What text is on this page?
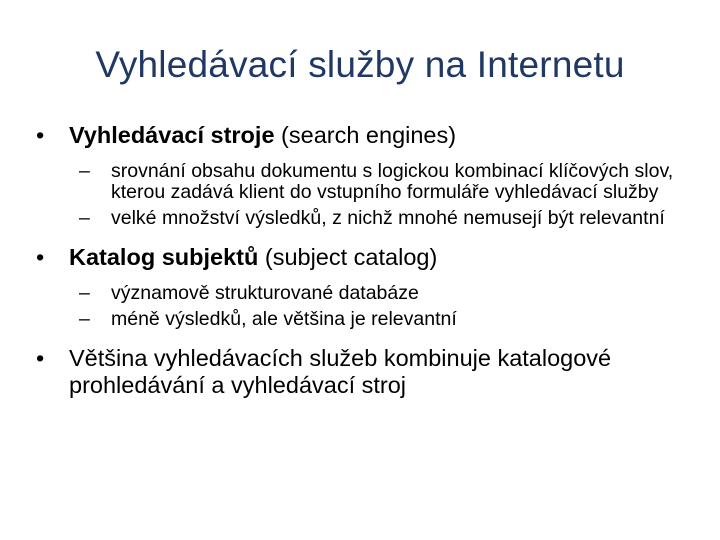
Vyhledávací služby na Internetu
•	Vyhledávací stroje (search engines)
– srovnání obsahu dokumentu s logickou kombinací klíčových slov, kterou zadává klient do vstupního formuláře vyhledávací služby
– velké množství výsledků, z nichž mnohé nemusejí být relevantní
•	Katalog subjektů (subject catalog)
– významově strukturované databáze
– méně výsledků, ale většina je relevantní
•	Většina vyhledávacích služeb kombinuje katalogové prohledávání a vyhledávací stroj
